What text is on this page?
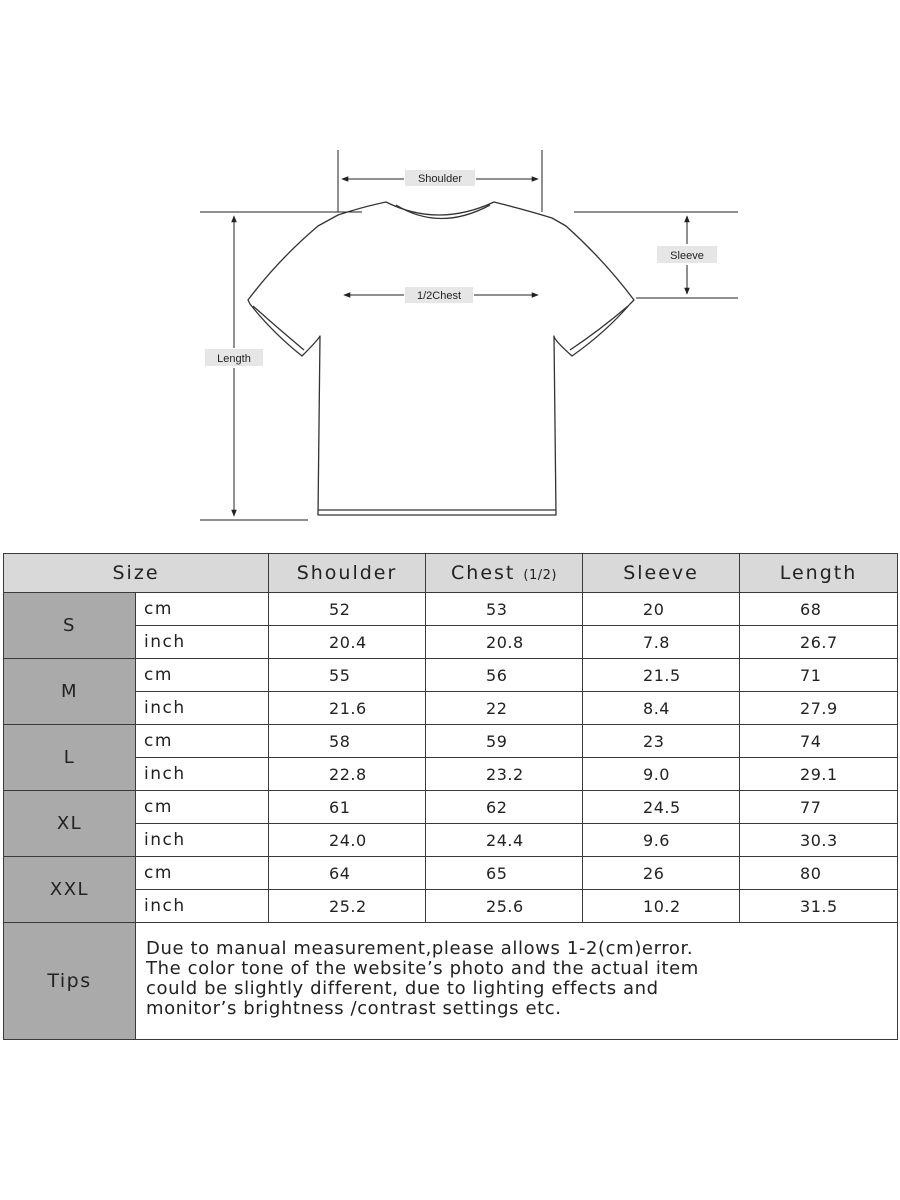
Shoulder
1/2Chest
Sleeve
Length
Size		Shoulder	Chest (1/2)	Sleeve	Length
S	cm	52	53	20	68
	inch	20.4	20.8	7.8	26.7
M	cm	55	56	21.5	71
	inch	21.6	22	8.4	27.9
L	cm	58	59	23	74
	inch	22.8	23.2	9.0	29.1
XL	cm	61	62	24.5	77
	inch	24.0	24.4	9.6	30.3
XXL	cm	64	65	26	80
	inch	25.2	25.6	10.2	31.5
Tips	Due to manual measurement,please allows 1-2(cm)error.
The color tone of the website’s photo and the actual item
could be slightly different, due to lighting effects and
monitor’s brightness /contrast settings etc.				
